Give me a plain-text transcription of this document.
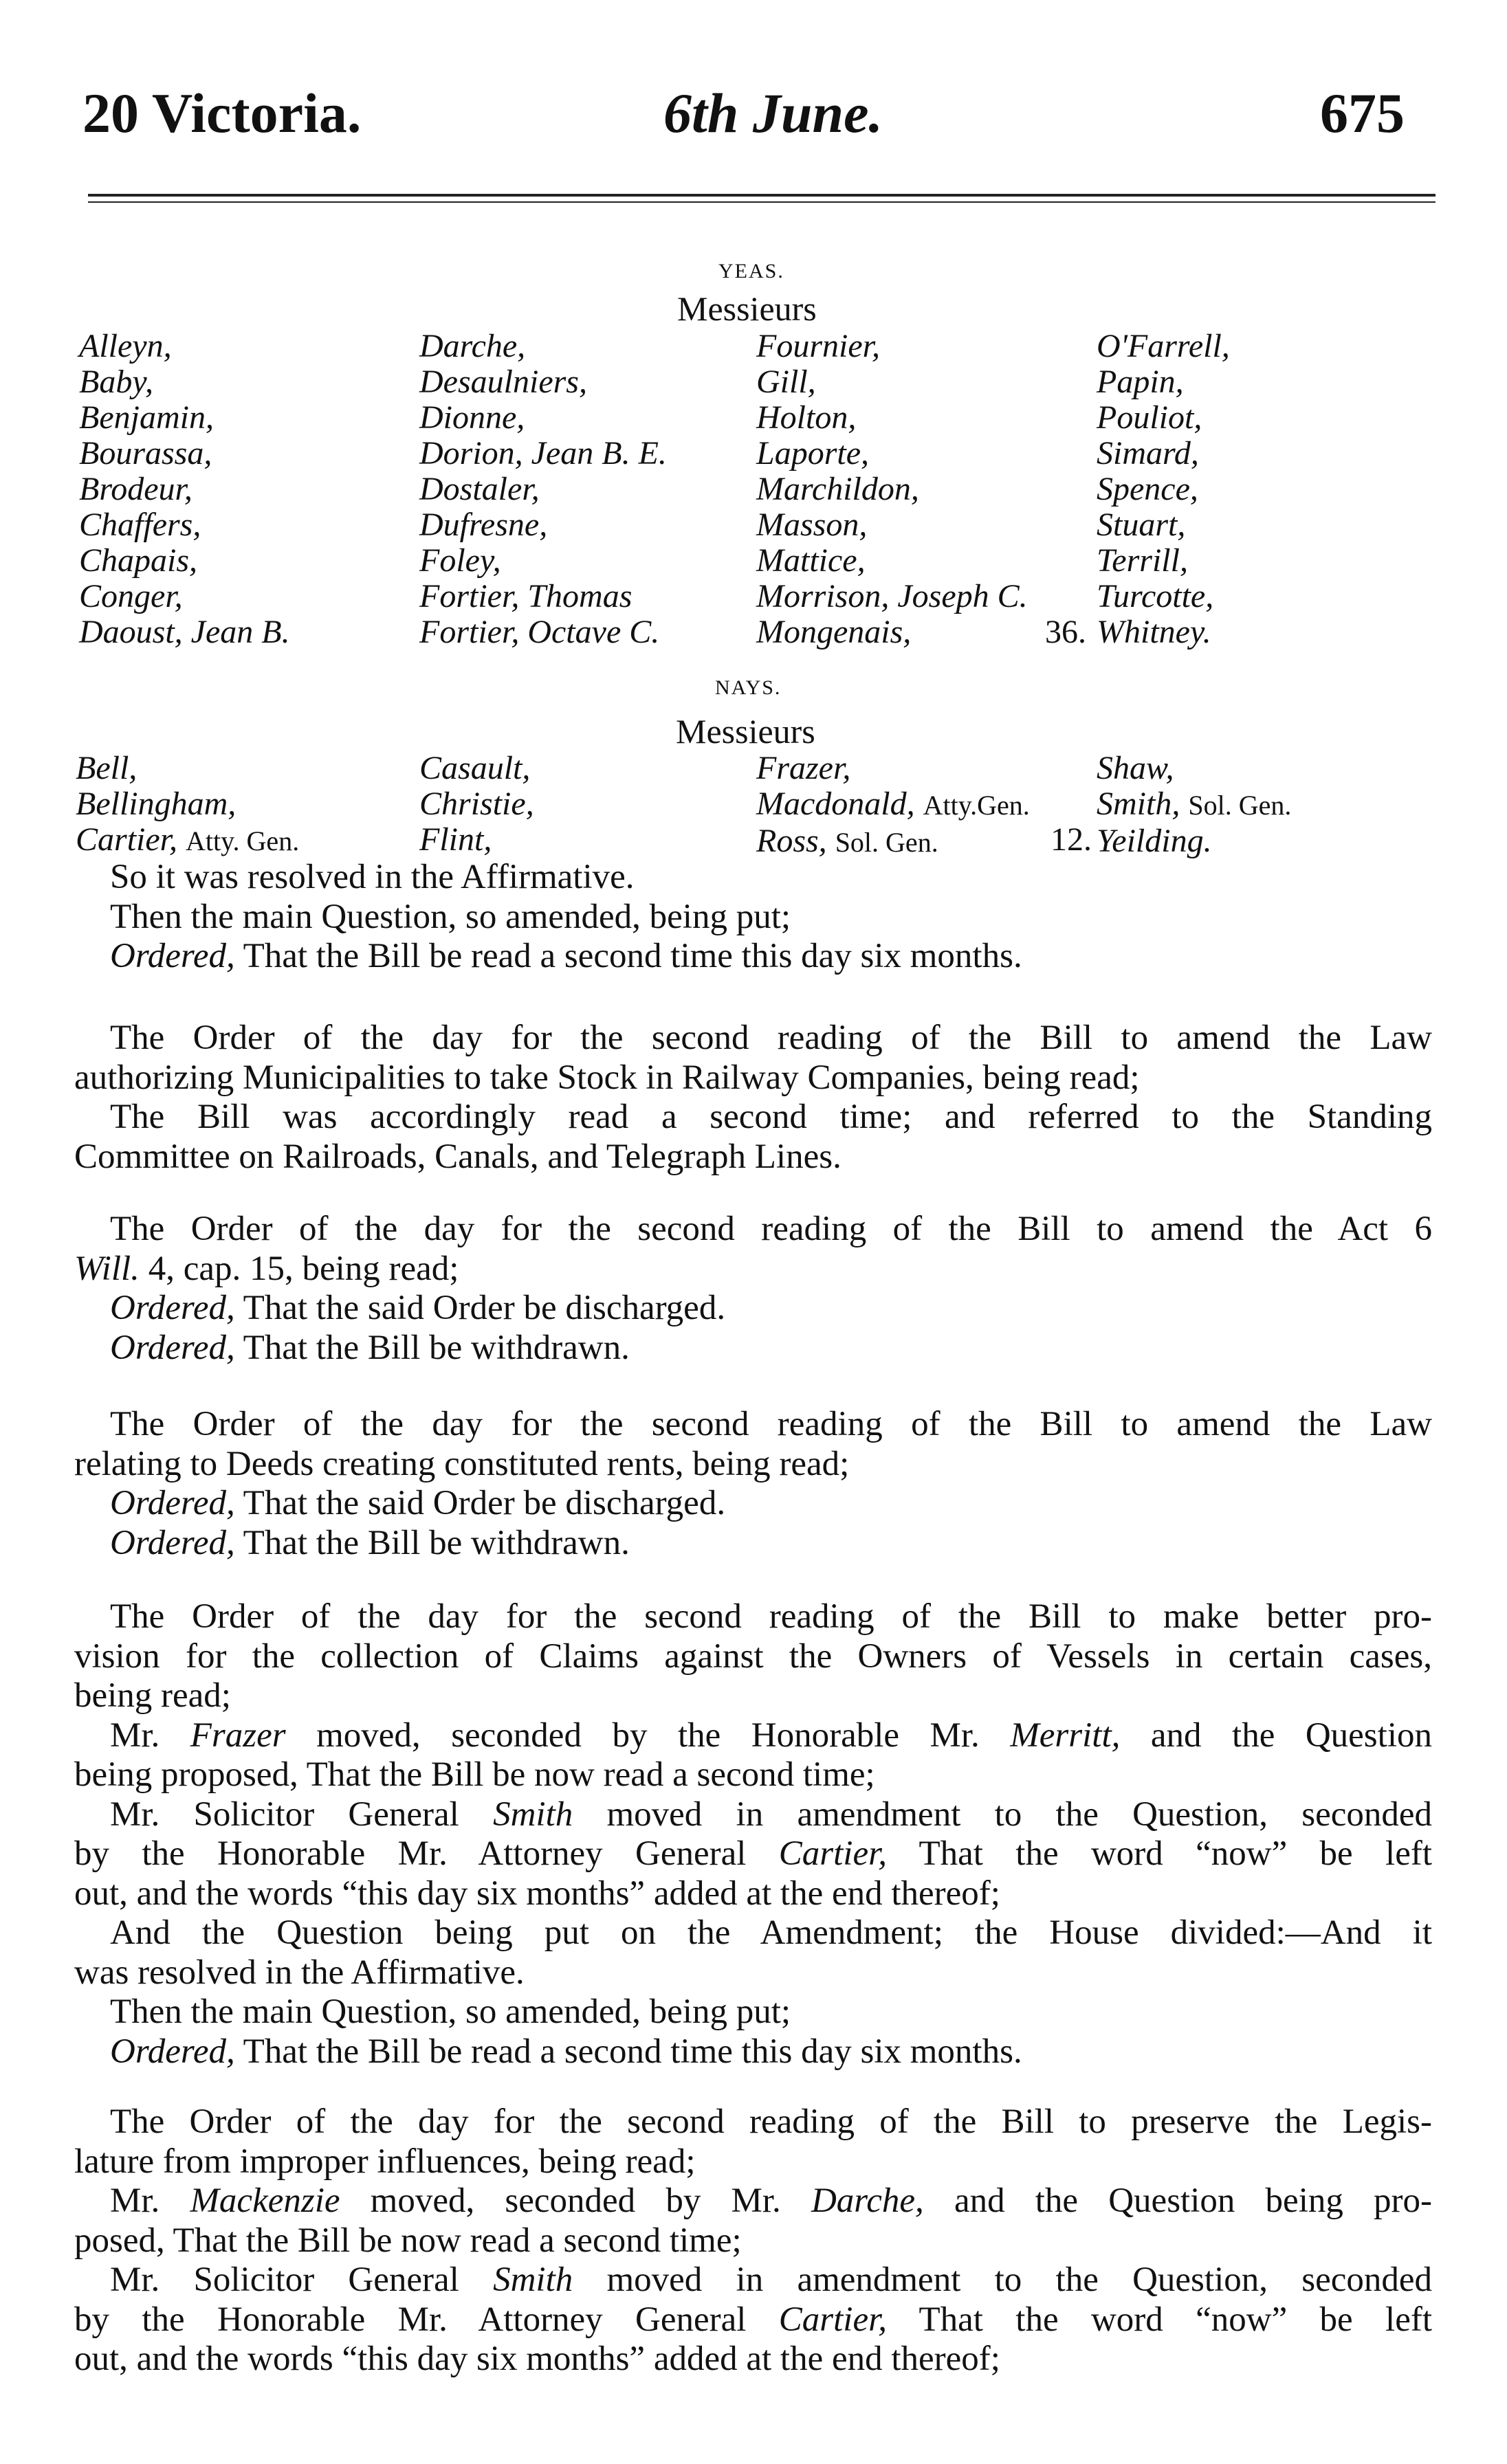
20 Victoria.	6th June.	675
YEAS.
Messieurs
Alleyn,
Baby,
Benjamin,
Bourassa,
Brodeur,
Chaffers,
Chapais,
Conger,
Daoust, Jean B.
Darche,
Desaulniers,
Dionne,
Dorion, Jean B. E.
Dostaler,
Dufresne,
Foley,
Fortier, Thomas
Fortier, Octave C.
Fournier,
Gill,
Holton,
Laporte,
Marchildon,
Masson,
Mattice,
Morrison, Joseph C.
Mongenais,
O'Farrell,
Papin,
Pouliot,
Simard,
Spence,
Stuart,
Terrill,
Turcotte,
Whitney.
36.
NAYS.
Messieurs
Bell,
Bellingham,
Cartier, Atty. Gen.
Casault,
Christie,
Flint,
Frazer,
Macdonald, Atty.Gen.
Ross, Sol. Gen.
Shaw,
Smith, Sol. Gen.
Yeilding.
12.
So it was resolved in the Affirmative.
Then the main Question, so amended, being put;
Ordered, That the Bill be read a second time this day six months.
The Order of the day for the second reading of the Bill to amend the Law
authorizing Municipalities to take Stock in Railway Companies, being read;
The Bill was accordingly read a second time; and referred to the Standing
Committee on Railroads, Canals, and Telegraph Lines.
The Order of the day for the second reading of the Bill to amend the Act 6
Will. 4, cap. 15, being read;
Ordered, That the said Order be discharged.
Ordered, That the Bill be withdrawn.
The Order of the day for the second reading of the Bill to amend the Law
relating to Deeds creating constituted rents, being read;
Ordered, That the said Order be discharged.
Ordered, That the Bill be withdrawn.
The Order of the day for the second reading of the Bill to make better pro-
vision for the collection of Claims against the Owners of Vessels in certain cases,
being read;
Mr. Frazer moved, seconded by the Honorable Mr. Merritt, and the Question
being proposed, That the Bill be now read a second time;
Mr. Solicitor General Smith moved in amendment to the Question, seconded
by the Honorable Mr. Attorney General Cartier, That the word “now” be left
out, and the words “this day six months” added at the end thereof;
And the Question being put on the Amendment; the House divided:—And it
was resolved in the Affirmative.
Then the main Question, so amended, being put;
Ordered, That the Bill be read a second time this day six months.
The Order of the day for the second reading of the Bill to preserve the Legis-
lature from improper influences, being read;
Mr. Mackenzie moved, seconded by Mr. Darche, and the Question being pro-
posed, That the Bill be now read a second time;
Mr. Solicitor General Smith moved in amendment to the Question, seconded
by the Honorable Mr. Attorney General Cartier, That the word “now” be left
out, and the words “this day six months” added at the end thereof;
